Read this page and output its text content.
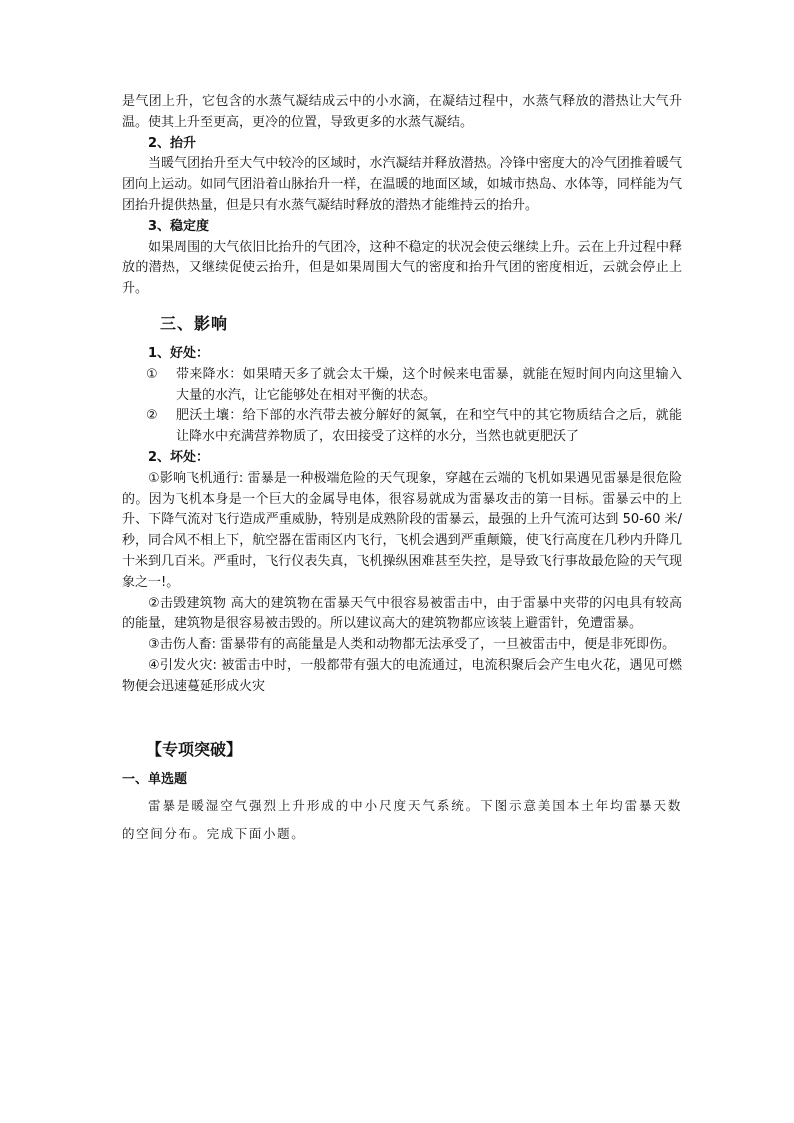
是气团上升，它包含的水蒸气凝结成云中的小水滴，在凝结过程中，水蒸气释放的潜热让大气升温。使其上升至更高，更冷的位置，导致更多的水蒸气凝结。

2、抬升

当暖气团抬升至大气中较冷的区域时，水汽凝结并释放潜热。冷锋中密度大的冷气团推着暖气团向上运动。如同气团沿着山脉抬升一样，在温暖的地面区域，如城市热岛、水体等，同样能为气团抬升提供热量，但是只有水蒸气凝结时释放的潜热才能维持云的抬升。

3、稳定度

如果周围的大气依旧比抬升的气团冷，这种不稳定的状况会使云继续上升。云在上升过程中释放的潜热，又继续促使云抬升，但是如果周围大气的密度和抬升气团的密度相近，云就会停止上升。

三、影响

1、好处：

①	带来降水：如果晴天多了就会太干燥，这个时候来电雷暴，就能在短时间内向这里输入大量的水汽，让它能够处在相对平衡的状态。
②	肥沃土壤：给下部的水汽带去被分解好的氮氧，在和空气中的其它物质结合之后，就能让降水中充满营养物质了，农田接受了这样的水分，当然也就更肥沃了

2、坏处：

①影响飞机通行: 雷暴是一种极端危险的天气现象，穿越在云端的飞机如果遇见雷暴是很危险的。因为飞机本身是一个巨大的金属导电体，很容易就成为雷暴攻击的第一目标。雷暴云中的上升、下降气流对飞行造成严重威胁，特别是成熟阶段的雷暴云，最强的上升气流可达到 50-60 米/秒，同合风不相上下，航空器在雷雨区内飞行，飞机会遇到严重颠簸，使飞行高度在几秒内升降几十米到几百米。严重时，飞行仪表失真，飞机操纵困难甚至失控，是导致飞行事故最危险的天气现象之一!。

②击毁建筑物 高大的建筑物在雷暴天气中很容易被雷击中，由于雷暴中夹带的闪电具有较高的能量，建筑物是很容易被击毁的。所以建议高大的建筑物都应该装上避雷针，免遭雷暴。

③击伤人畜: 雷暴带有的高能量是人类和动物都无法承受了，一旦被雷击中，便是非死即伤。

④引发火灾: 被雷击中时，一般都带有强大的电流通过，电流积聚后会产生电火花，遇见可燃物便会迅速蔓延形成火灾

【专项突破】

一、单选题

雷暴是暖湿空气强烈上升形成的中小尺度天气系统。下图示意美国本土年均雷暴天数的空间分布。完成下面小题。
